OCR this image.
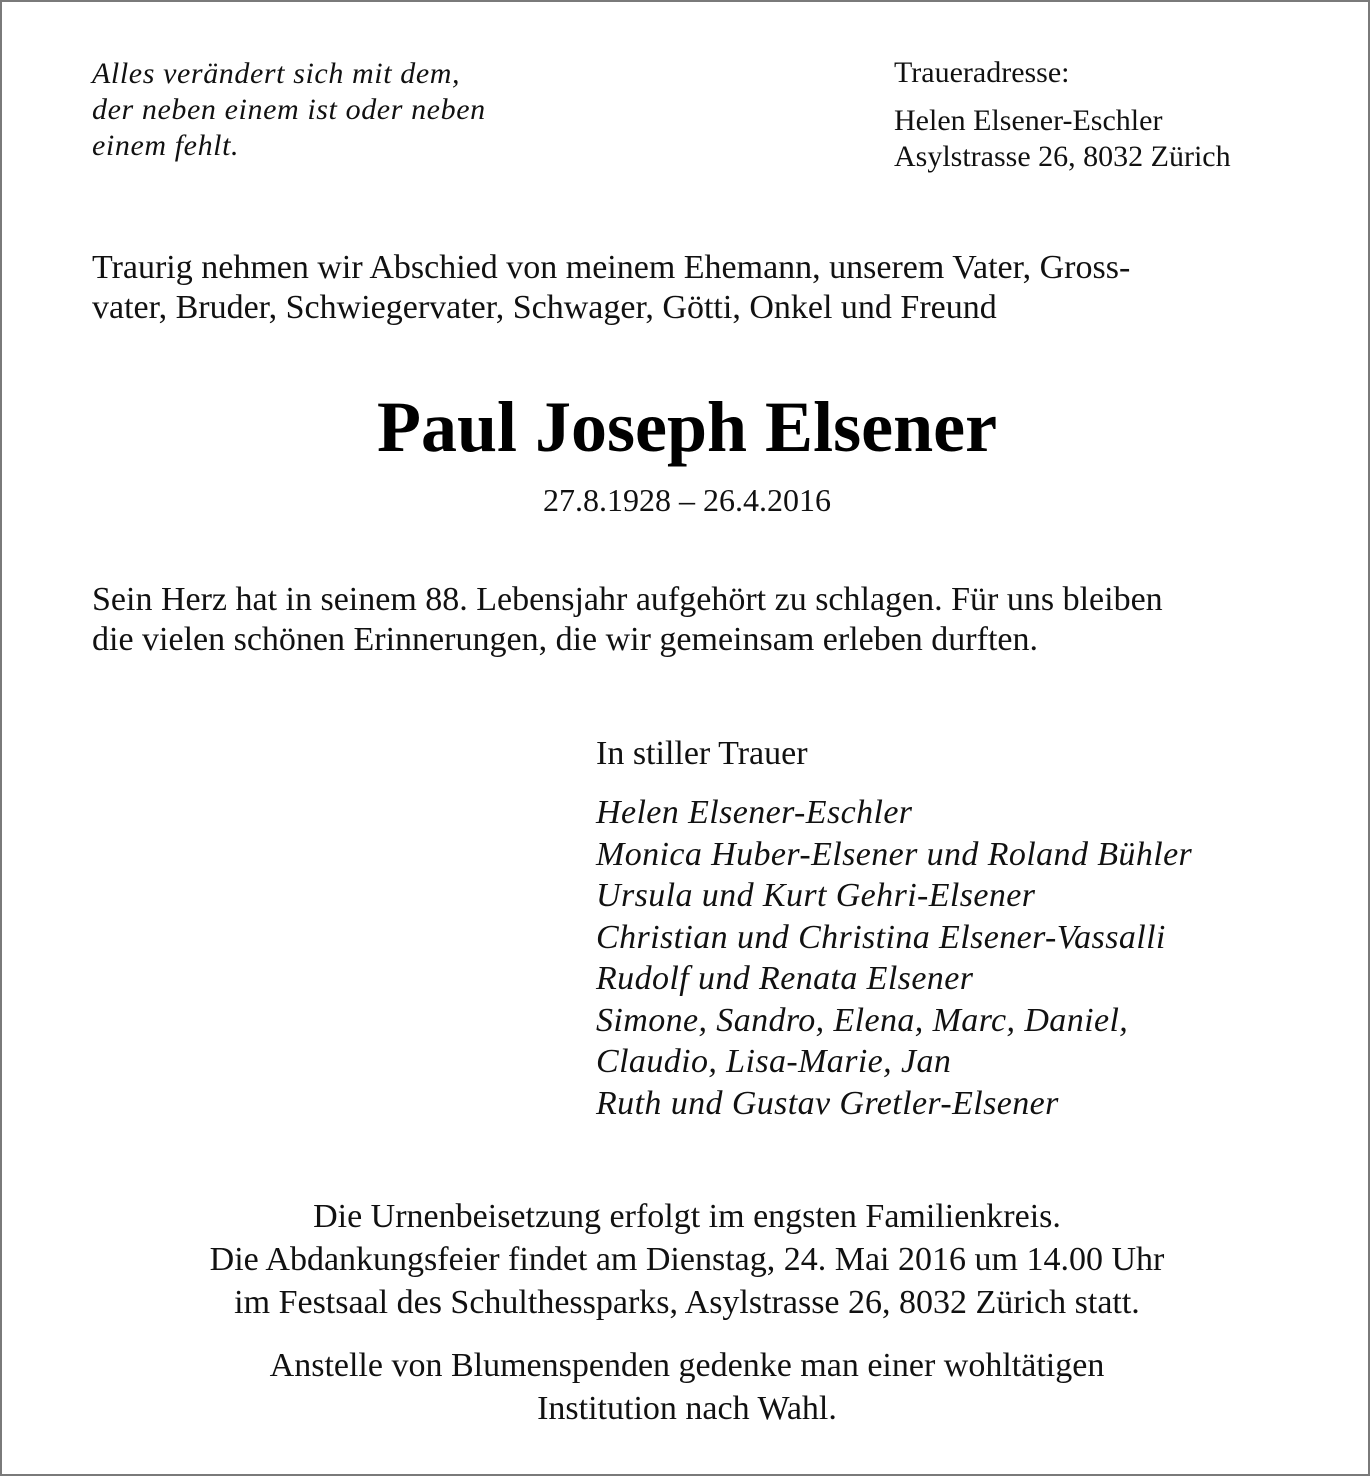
Alles verändert sich mit dem,
der neben einem ist oder neben
einem fehlt.
Traueradresse:
Helen Elsener-Eschler
Asylstrasse 26, 8032 Zürich
Traurig nehmen wir Abschied von meinem Ehemann, unserem Vater, Gross-
vater, Bruder, Schwiegervater, Schwager, Götti, Onkel und Freund
Paul Joseph Elsener
27.8.1928 – 26.4.2016
Sein Herz hat in seinem 88. Lebensjahr aufgehört zu schlagen. Für uns bleiben
die vielen schönen Erinnerungen, die wir gemeinsam erleben durften.
In stiller Trauer
Helen Elsener-Eschler
Monica Huber-Elsener und Roland Bühler
Ursula und Kurt Gehri-Elsener
Christian und Christina Elsener-Vassalli
Rudolf und Renata Elsener
Simone, Sandro, Elena, Marc, Daniel,
Claudio, Lisa-Marie, Jan
Ruth und Gustav Gretler-Elsener
Die Urnenbeisetzung erfolgt im engsten Familienkreis.
Die Abdankungsfeier findet am Dienstag, 24. Mai 2016 um 14.00 Uhr
im Festsaal des Schulthessparks, Asylstrasse 26, 8032 Zürich statt.
Anstelle von Blumenspenden gedenke man einer wohltätigen
Institution nach Wahl.
